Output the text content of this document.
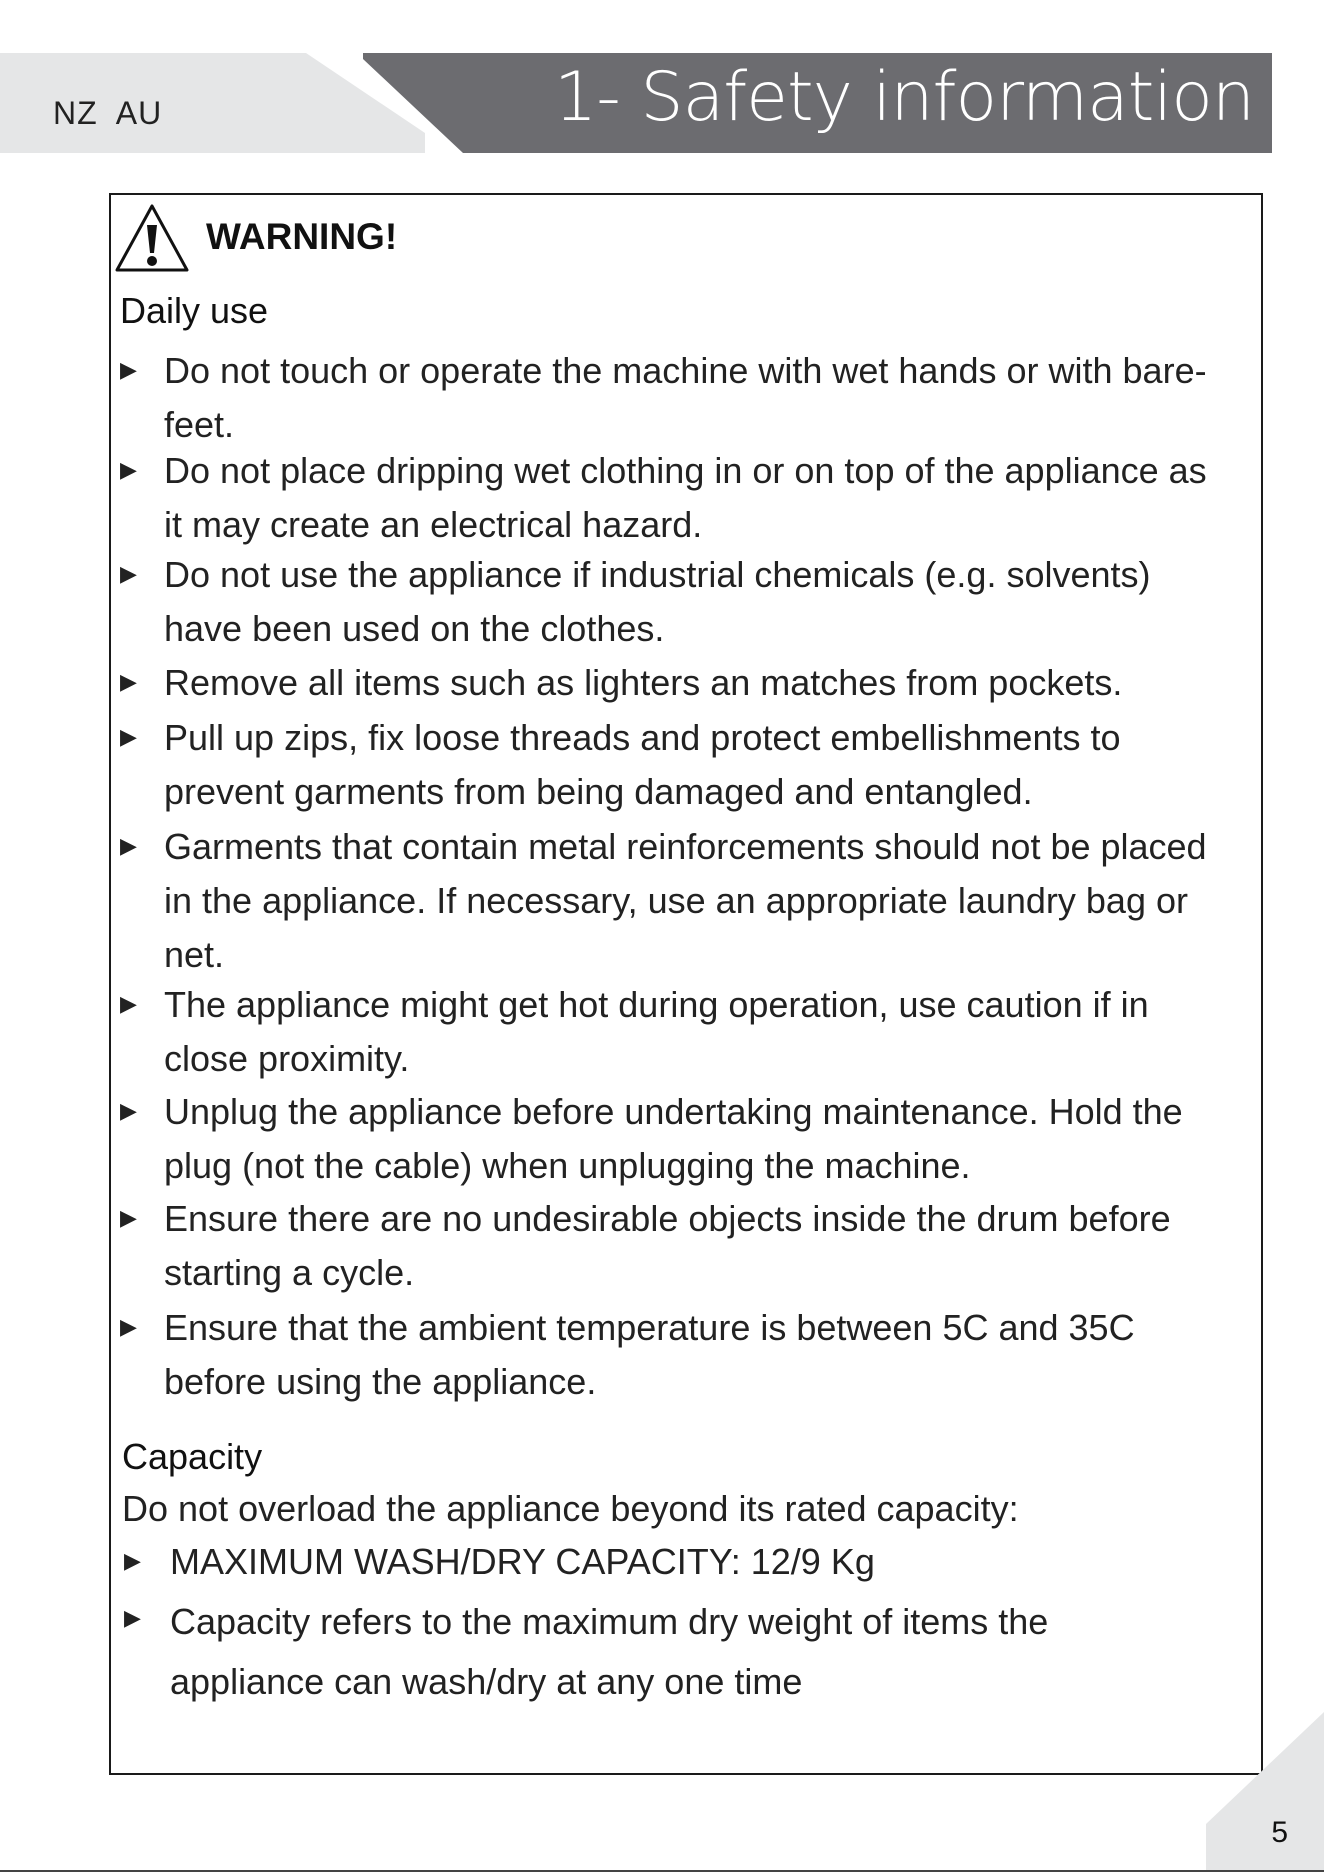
NZ AU	1- Safety information
WARNING!
Daily use
▶ Do not touch or operate the machine with wet hands or with bare-feet.
▶ Do not place dripping wet clothing in or on top of the appliance as it may create an electrical hazard.
▶ Do not use the appliance if industrial chemicals (e.g. solvents) have been used on the clothes.
▶ Remove all items such as lighters an matches from pockets.
▶ Pull up zips, fix loose threads and protect embellishments to prevent garments from being damaged and entangled.
▶ Garments that contain metal reinforcements should not be placed in the appliance. If necessary, use an appropriate laundry bag or net.
▶ The appliance might get hot during operation, use caution if in close proximity.
▶ Unplug the appliance before undertaking maintenance. Hold the plug (not the cable) when unplugging the machine.
▶ Ensure there are no undesirable objects inside the drum before starting a cycle.
▶ Ensure that the ambient temperature is between 5C and 35C before using the appliance.
Capacity
Do not overload the appliance beyond its rated capacity:
▶ MAXIMUM WASH/DRY CAPACITY: 12/9 Kg
▶ Capacity refers to the maximum dry weight of items the appliance can wash/dry at any one time
5
